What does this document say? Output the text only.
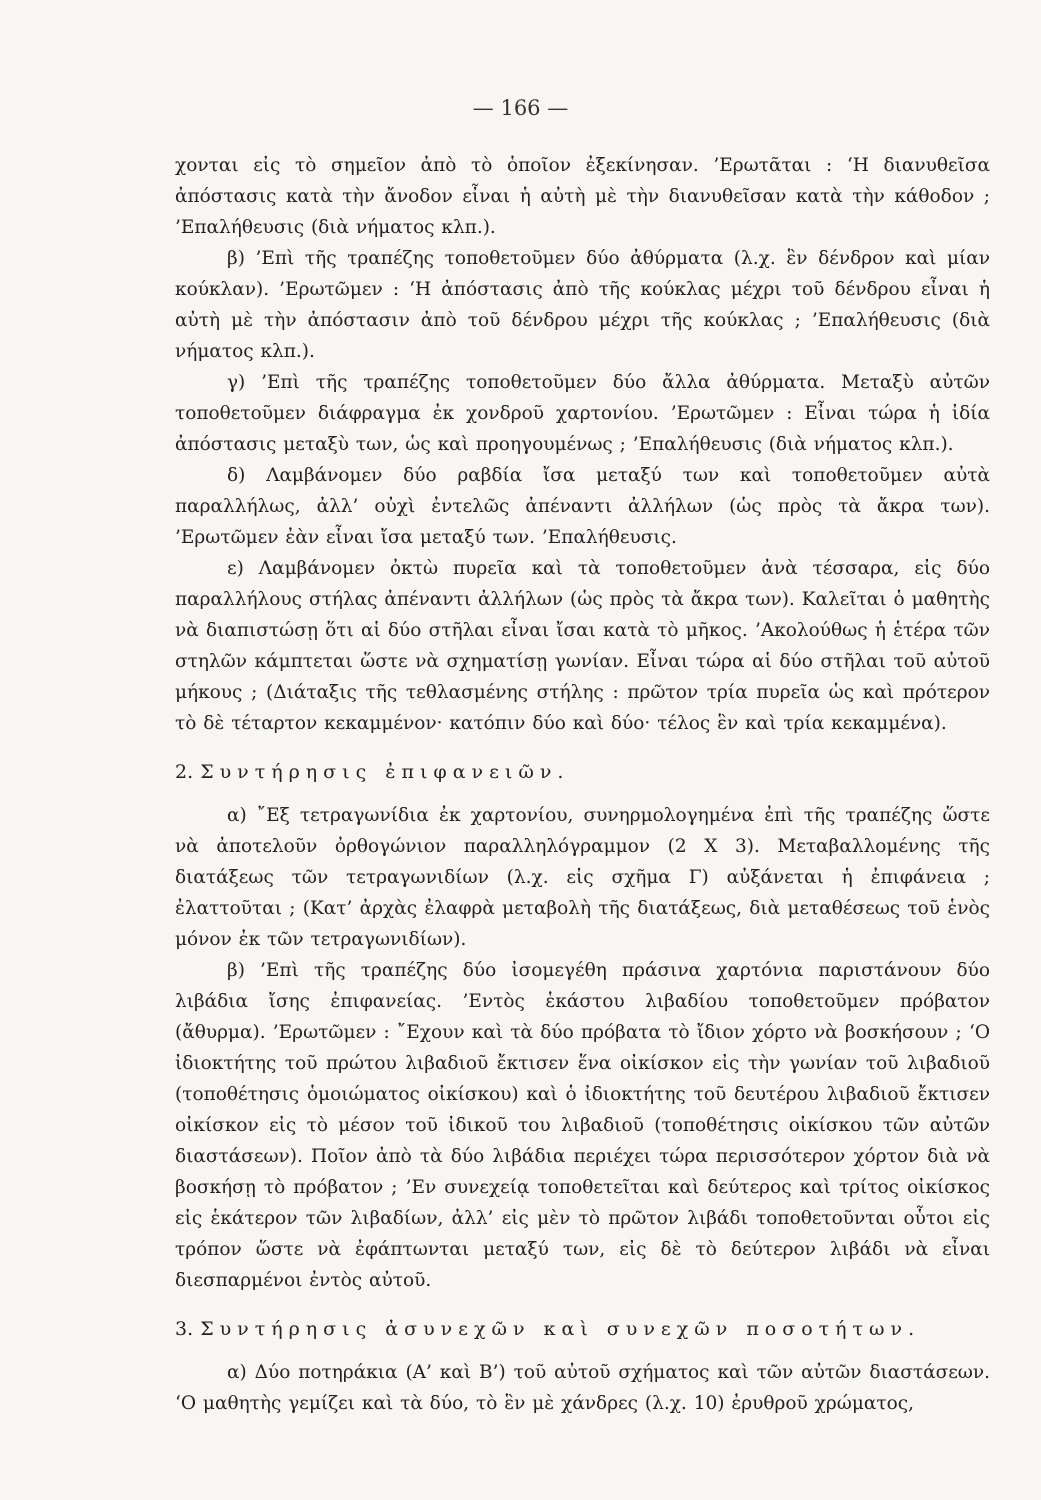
— 166 —

χονται εἰς τὸ σημεῖον ἀπὸ τὸ ὁποῖον ἐξεκίνησαν. ’Ερωτᾶται : ‘Η διανυθεῖσα ἀπόστασις κατὰ τὴν ἄνοδον εἶναι ἡ αὐτὴ μὲ τὴν διανυθεῖσαν κατὰ τὴν κάθοδον ; ’Επαλήθευσις (διὰ νήματος κλπ.).

β) ’Επὶ τῆς τραπέζης τοποθετοῦμεν δύο ἀθύρματα (λ.χ. ἓν δένδρον καὶ μίαν κούκλαν). ’Ερωτῶμεν : ‘Η ἀπόστασις ἀπὸ τῆς κούκλας μέχρι τοῦ δένδρου εἶναι ἡ αὐτὴ μὲ τὴν ἀπόστασιν ἀπὸ τοῦ δένδρου μέχρι τῆς κούκλας ; ’Επαλήθευσις (διὰ νήματος κλπ.).

γ) ’Επὶ τῆς τραπέζης τοποθετοῦμεν δύο ἄλλα ἀθύρματα. Μεταξὺ αὐτῶν τοποθετοῦμεν διάφραγμα ἐκ χονδροῦ χαρτονίου. ’Ερωτῶμεν : Εἶναι τώρα ἡ ἰδία ἀπόστασις μεταξὺ των, ὡς καὶ προηγουμένως ; ’Επαλήθευσις (διὰ νήματος κλπ.).

δ) Λαμβάνομεν δύο ραβδία ἴσα μεταξύ των καὶ τοποθετοῦμεν αὐτὰ παραλλήλως, ἀλλ’ οὐχὶ ἐντελῶς ἀπέναντι ἀλλήλων (ὡς πρὸς τὰ ἄκρα των). ’Ερωτῶμεν ἐὰν εἶναι ἴσα μεταξύ των. ’Επαλήθευσις.

ε) Λαμβάνομεν ὀκτὼ πυρεῖα καὶ τὰ τοποθετοῦμεν ἀνὰ τέσσαρα, εἰς δύο παραλλήλους στήλας ἀπέναντι ἀλλήλων (ὡς πρὸς τὰ ἄκρα των). Καλεῖται ὁ μαθητὴς νὰ διαπιστώσῃ ὅτι αἱ δύο στῆλαι εἶναι ἴσαι κατὰ τὸ μῆκος. ’Ακολούθως ἡ ἑτέρα τῶν στηλῶν κάμπτεται ὥστε νὰ σχηματίσῃ γωνίαν. Εἶναι τώρα αἱ δύο στῆλαι τοῦ αὐτοῦ μήκους ; (Διάταξις τῆς τεθλασμένης στήλης : πρῶτον τρία πυρεῖα ὡς καὶ πρότερον τὸ δὲ τέταρτον κεκαμμένον· κατόπιν δύο καὶ δύο· τέλος ἓν καὶ τρία κεκαμμένα).

2. Συντήρησις ἐπιφανειῶν.

α) ῎Εξ τετραγωνίδια ἐκ χαρτονίου, συνηρμολογημένα ἐπὶ τῆς τραπέζης ὥστε νὰ ἀποτελοῦν ὀρθογώνιον παραλληλόγραμμον (2 Χ 3). Μεταβαλλομένης τῆς διατάξεως τῶν τετραγωνιδίων (λ.χ. εἰς σχῆμα Γ) αὐξάνεται ἡ ἐπιφάνεια ; ἐλαττοῦται ; (Κατ’ ἀρχὰς ἐλαφρὰ μεταβολὴ τῆς διατάξεως, διὰ μεταθέσεως τοῦ ἑνὸς μόνον ἐκ τῶν τετραγωνιδίων).

β) ’Επὶ τῆς τραπέζης δύο ἰσομεγέθη πράσινα χαρτόνια παριστάνουν δύο λιβάδια ἴσης ἐπιφανείας. ’Εντὸς ἑκάστου λιβαδίου τοποθετοῦμεν πρόβατον (ἄθυρμα). ’Ερωτῶμεν : ῎Εχουν καὶ τὰ δύο πρόβατα τὸ ἴδιον χόρτο νὰ βοσκήσουν ; ‘Ο ἰδιοκτήτης τοῦ πρώτου λιβαδιοῦ ἔκτισεν ἕνα οἰκίσκον εἰς τὴν γωνίαν τοῦ λιβαδιοῦ (τοποθέτησις ὁμοιώματος οἰκίσκου) καὶ ὁ ἰδιοκτήτης τοῦ δευτέρου λιβαδιοῦ ἔκτισεν οἰκίσκον εἰς τὸ μέσον τοῦ ἰδικοῦ του λιβαδιοῦ (τοποθέτησις οἰκίσκου τῶν αὐτῶν διαστάσεων). Ποῖον ἀπὸ τὰ δύο λιβάδια περιέχει τώρα περισσότερον χόρτον διὰ νὰ βοσκήσῃ τὸ πρόβατον ; ’Εν συνεχείᾳ τοποθετεῖται καὶ δεύτερος καὶ τρίτος οἰκίσκος εἰς ἑκάτερον τῶν λιβαδίων, ἀλλ’ εἰς μὲν τὸ πρῶτον λιβάδι τοποθετοῦνται οὗτοι εἰς τρόπον ὥστε νὰ ἐφάπτωνται μεταξύ των, εἰς δὲ τὸ δεύτερον λιβάδι νὰ εἶναι διεσπαρμένοι ἐντὸς αὐτοῦ.

3. Συντήρησις ἀσυνεχῶν καὶ συνεχῶν ποσοτήτων.

α) Δύο ποτηράκια (Α’ καὶ Β’) τοῦ αὐτοῦ σχήματος καὶ τῶν αὐτῶν διαστάσεων. ‘Ο μαθητὴς γεμίζει καὶ τὰ δύο, τὸ ἓν μὲ χάνδρες (λ.χ. 10) ἐρυθροῦ χρώματος,
